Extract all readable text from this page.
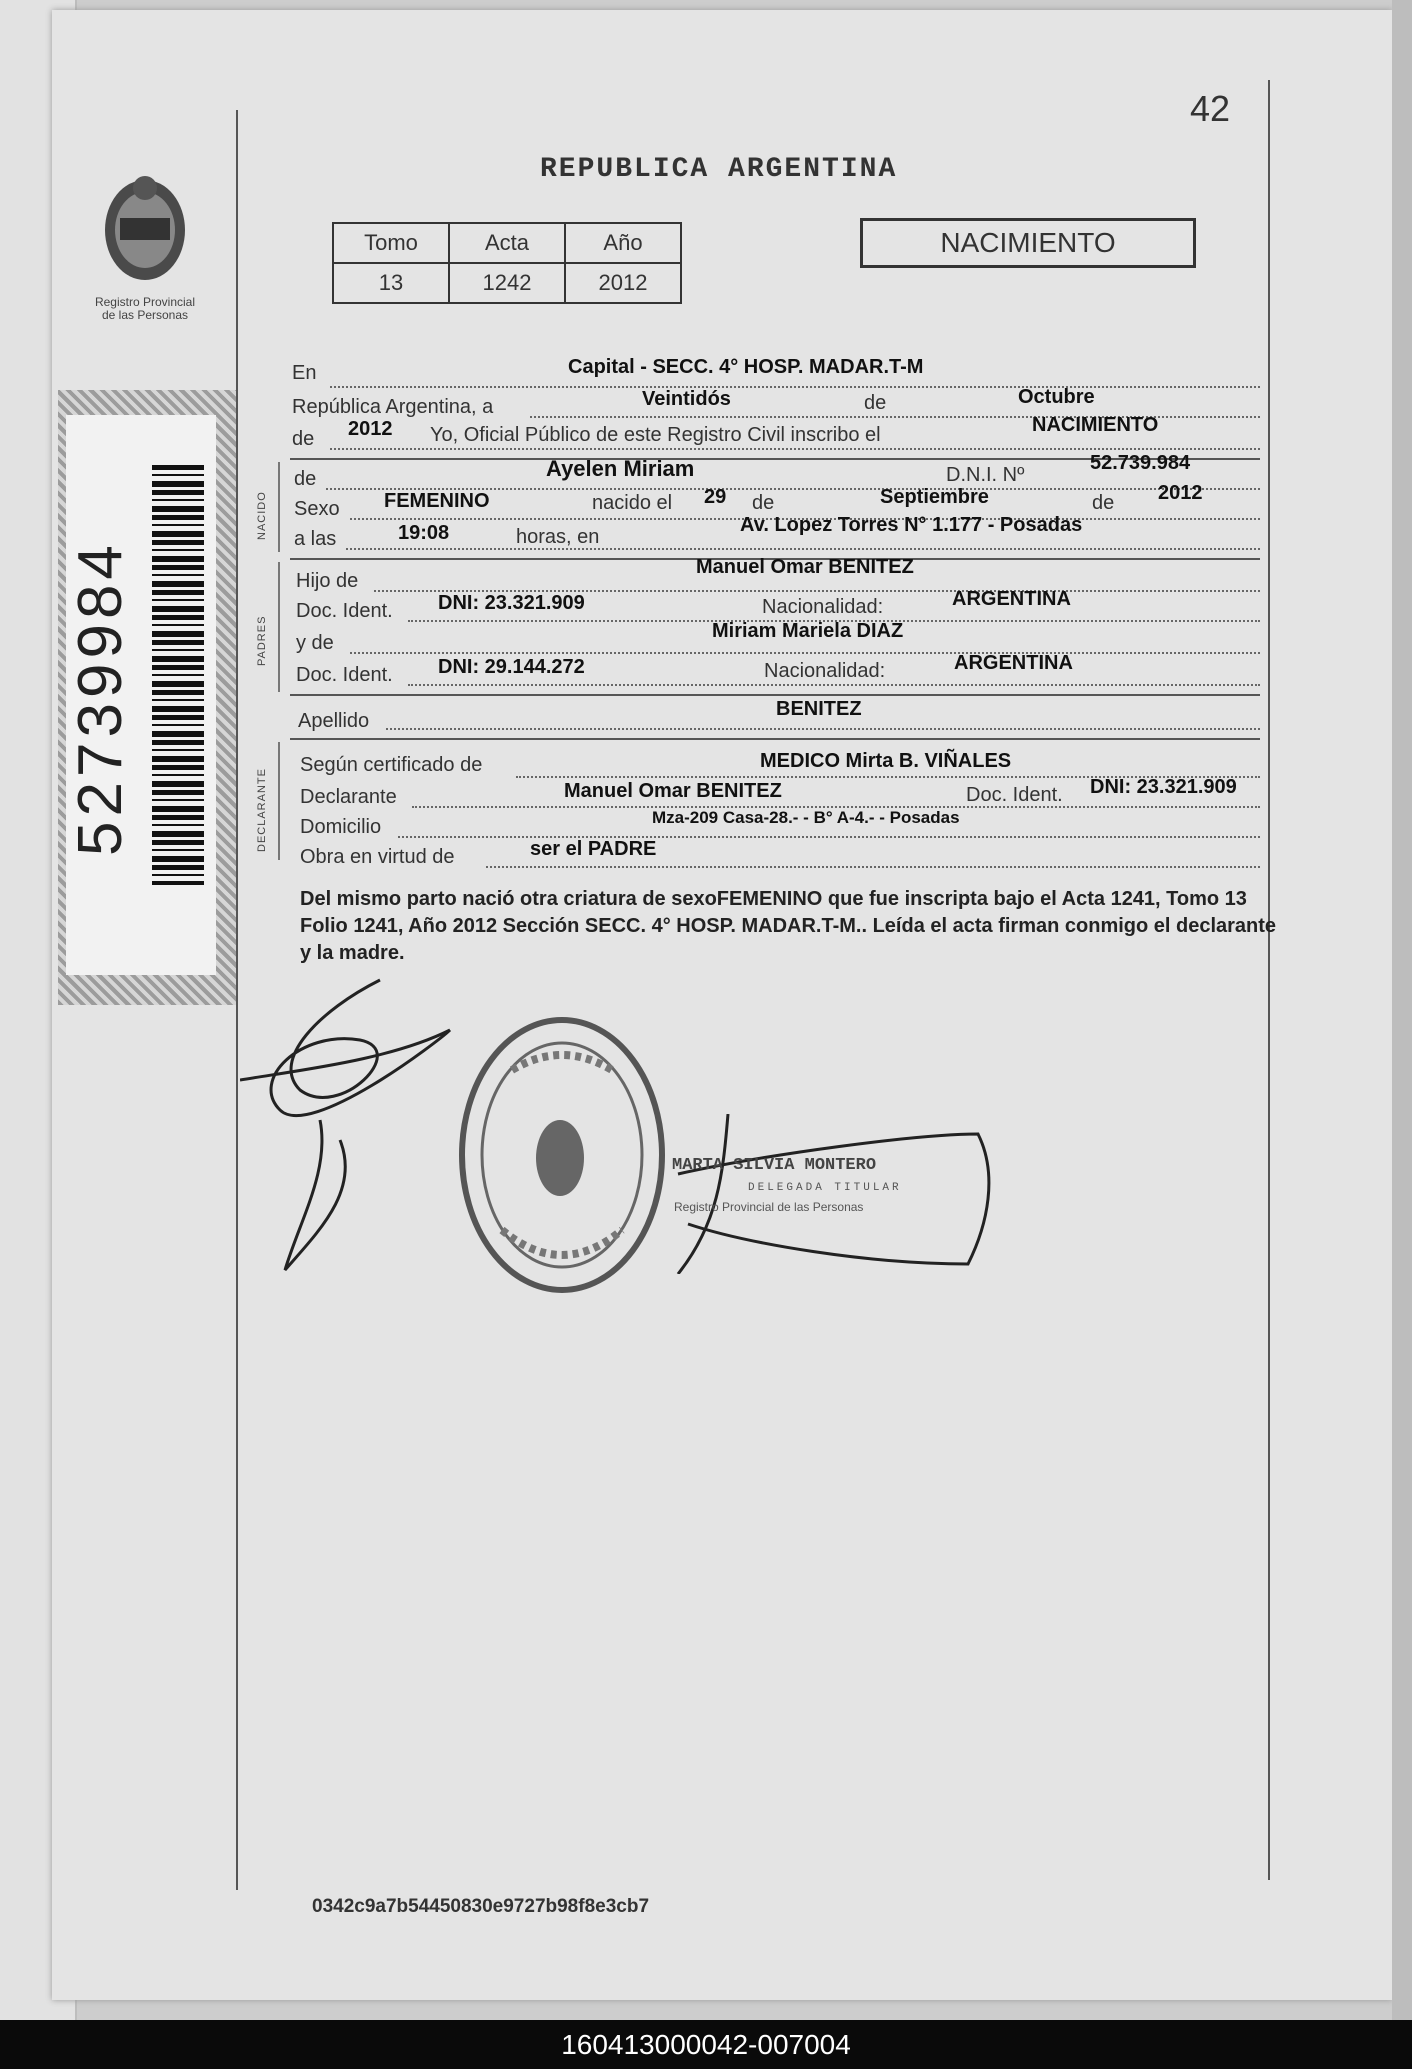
Registro Provincial
de las Personas
52739984
42
REPUBLICA ARGENTINA
Tomo	Acta	Año
13	1242	2012
NACIMIENTO
En	Capital - SECC. 4° HOSP. MADAR.T-M
República Argentina, a	Veintidós	de	Octubre
de 2012 Yo, Oficial Público de este Registro Civil inscribo el	NACIMIENTO
NACIDO
de	Ayelen Miriam	D.N.I. Nº
52.739.984
Sexo FEMENINO	nacido el 29 de	Septiembre	de 2012
a las	19:08	horas, en
Av. Lopez Torres N° 1.177 - Posadas
PADRES
Hijo de
Manuel Omar BENITEZ
Doc. Ident. DNI: 23.321.909	Nacionalidad:	ARGENTINA
y de
Miriam Mariela DIAZ
Doc. Ident. DNI: 29.144.272	Nacionalidad:	ARGENTINA
Apellido
BENITEZ
DECLARANTE
Según certificado de	MEDICO Mirta B. VIÑALES
Declarante	Manuel Omar BENITEZ	Doc. Ident. DNI: 23.321.909
Domicilio	Mza-209 Casa-28.- - B° A-4.- - Posadas
Obra en virtud de	ser el PADRE
Del mismo parto nació otra criatura de sexoFEMENINO que fue inscripta bajo el Acta 1241, Tomo 13 Folio 1241, Año 2012 Sección SECC. 4° HOSP. MADAR.T-M.. Leída el acta firman conmigo el declarante y la madre.
MARTA SILVIA MONTERO
DELEGADA TITULAR
Registro Provincial de las Personas
0342c9a7b54450830e9727b98f8e3cb7
160413000042-007004
